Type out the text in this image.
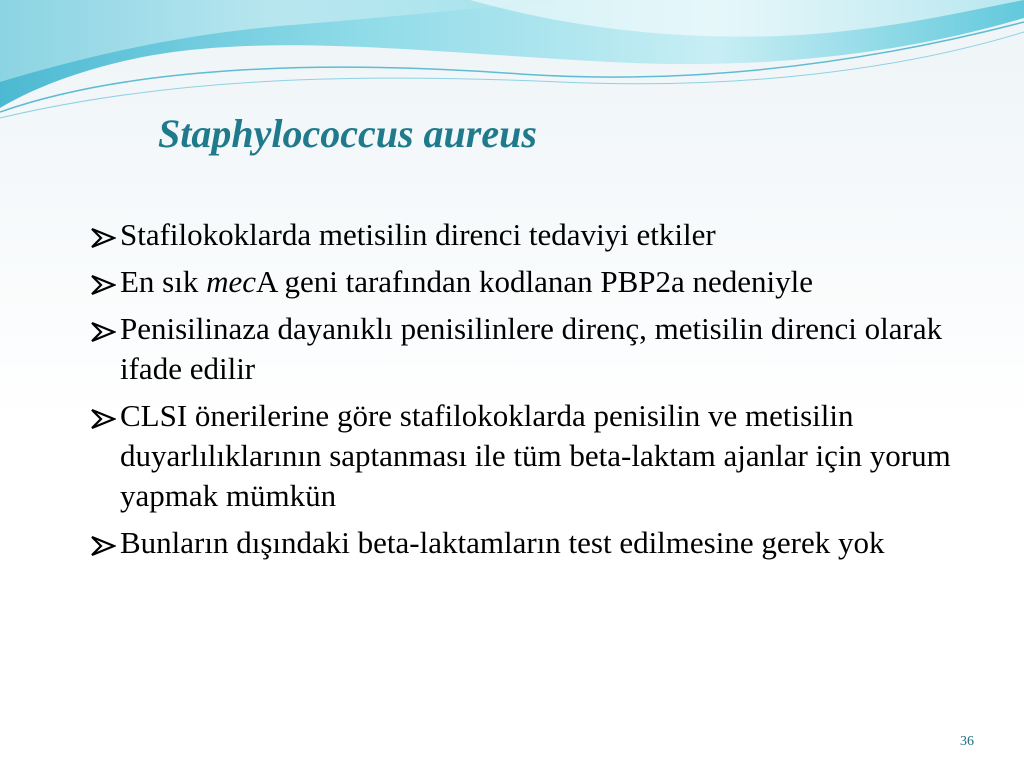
Staphylococcus aureus
Stafilokoklarda metisilin direnci tedaviyi etkiler
En sık mecA geni tarafından kodlanan PBP2a nedeniyle
Penisilinaza dayanıklı penisilinlere direnç, metisilin direnci olarak ifade edilir
CLSI önerilerine göre stafilokoklarda penisilin ve metisilin duyarlılıklarının saptanması ile tüm beta-laktam ajanlar için yorum yapmak mümkün
Bunların dışındaki beta-laktamların test edilmesine gerek yok
36
